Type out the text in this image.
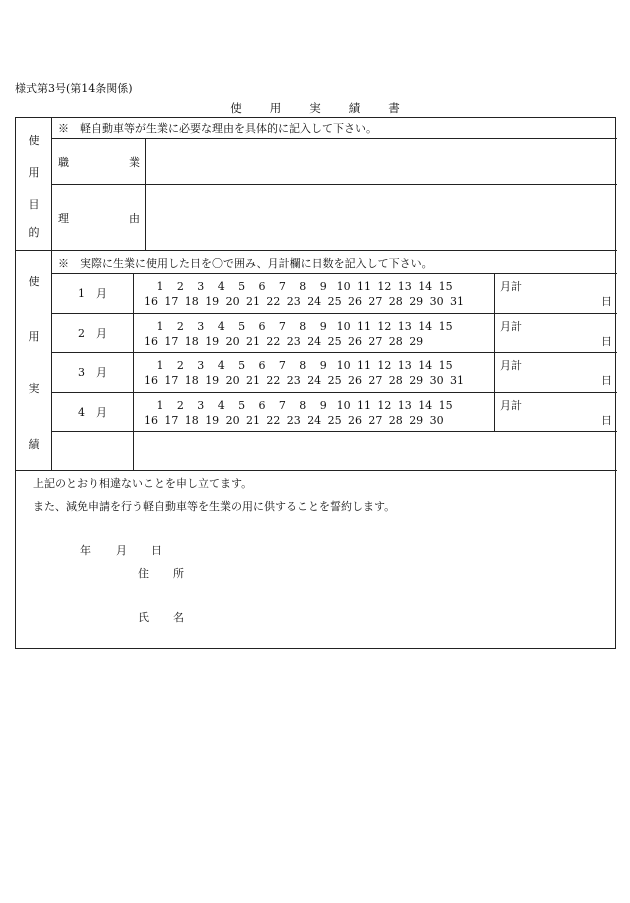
様式第3号(第14条関係)
使 用 実 績 書
使
用
目
的
※　軽自動車等が生業に必要な理由を具体的に記入して下さい。
職	業
理	由
使
用
実
績
※　実際に生業に使用した日を〇で囲み、月計欄に日数を記入して下さい。
1　月
1	2	3	4	5	6	7	8	9 10 11 12 13 14 15
16 17 18 19 20 21 22 23 24 25 26 27 28 29 30 31
月計
日
2　月
1	2	3	4	5	6	7	8	9 10 11 12 13 14 15
16 17 18 19 20 21 22 23 24 25 26 27 28 29
月計
日
3　月
1	2	3	4	5	6	7	8	9 10 11 12 13 14 15
16 17 18 19 20 21 22 23 24 25 26 27 28 29 30 31
月計
日
4　月
1	2	3	4	5	6	7	8	9 10 11 12 13 14 15
16 17 18 19 20 21 22 23 24 25 26 27 28 29 30
月計
日
上記のとおり相違ないことを申し立てます。
また、減免申請を行う軽自動車等を生業の用に供することを誓約します。
年 月 日
住 所
氏 名
